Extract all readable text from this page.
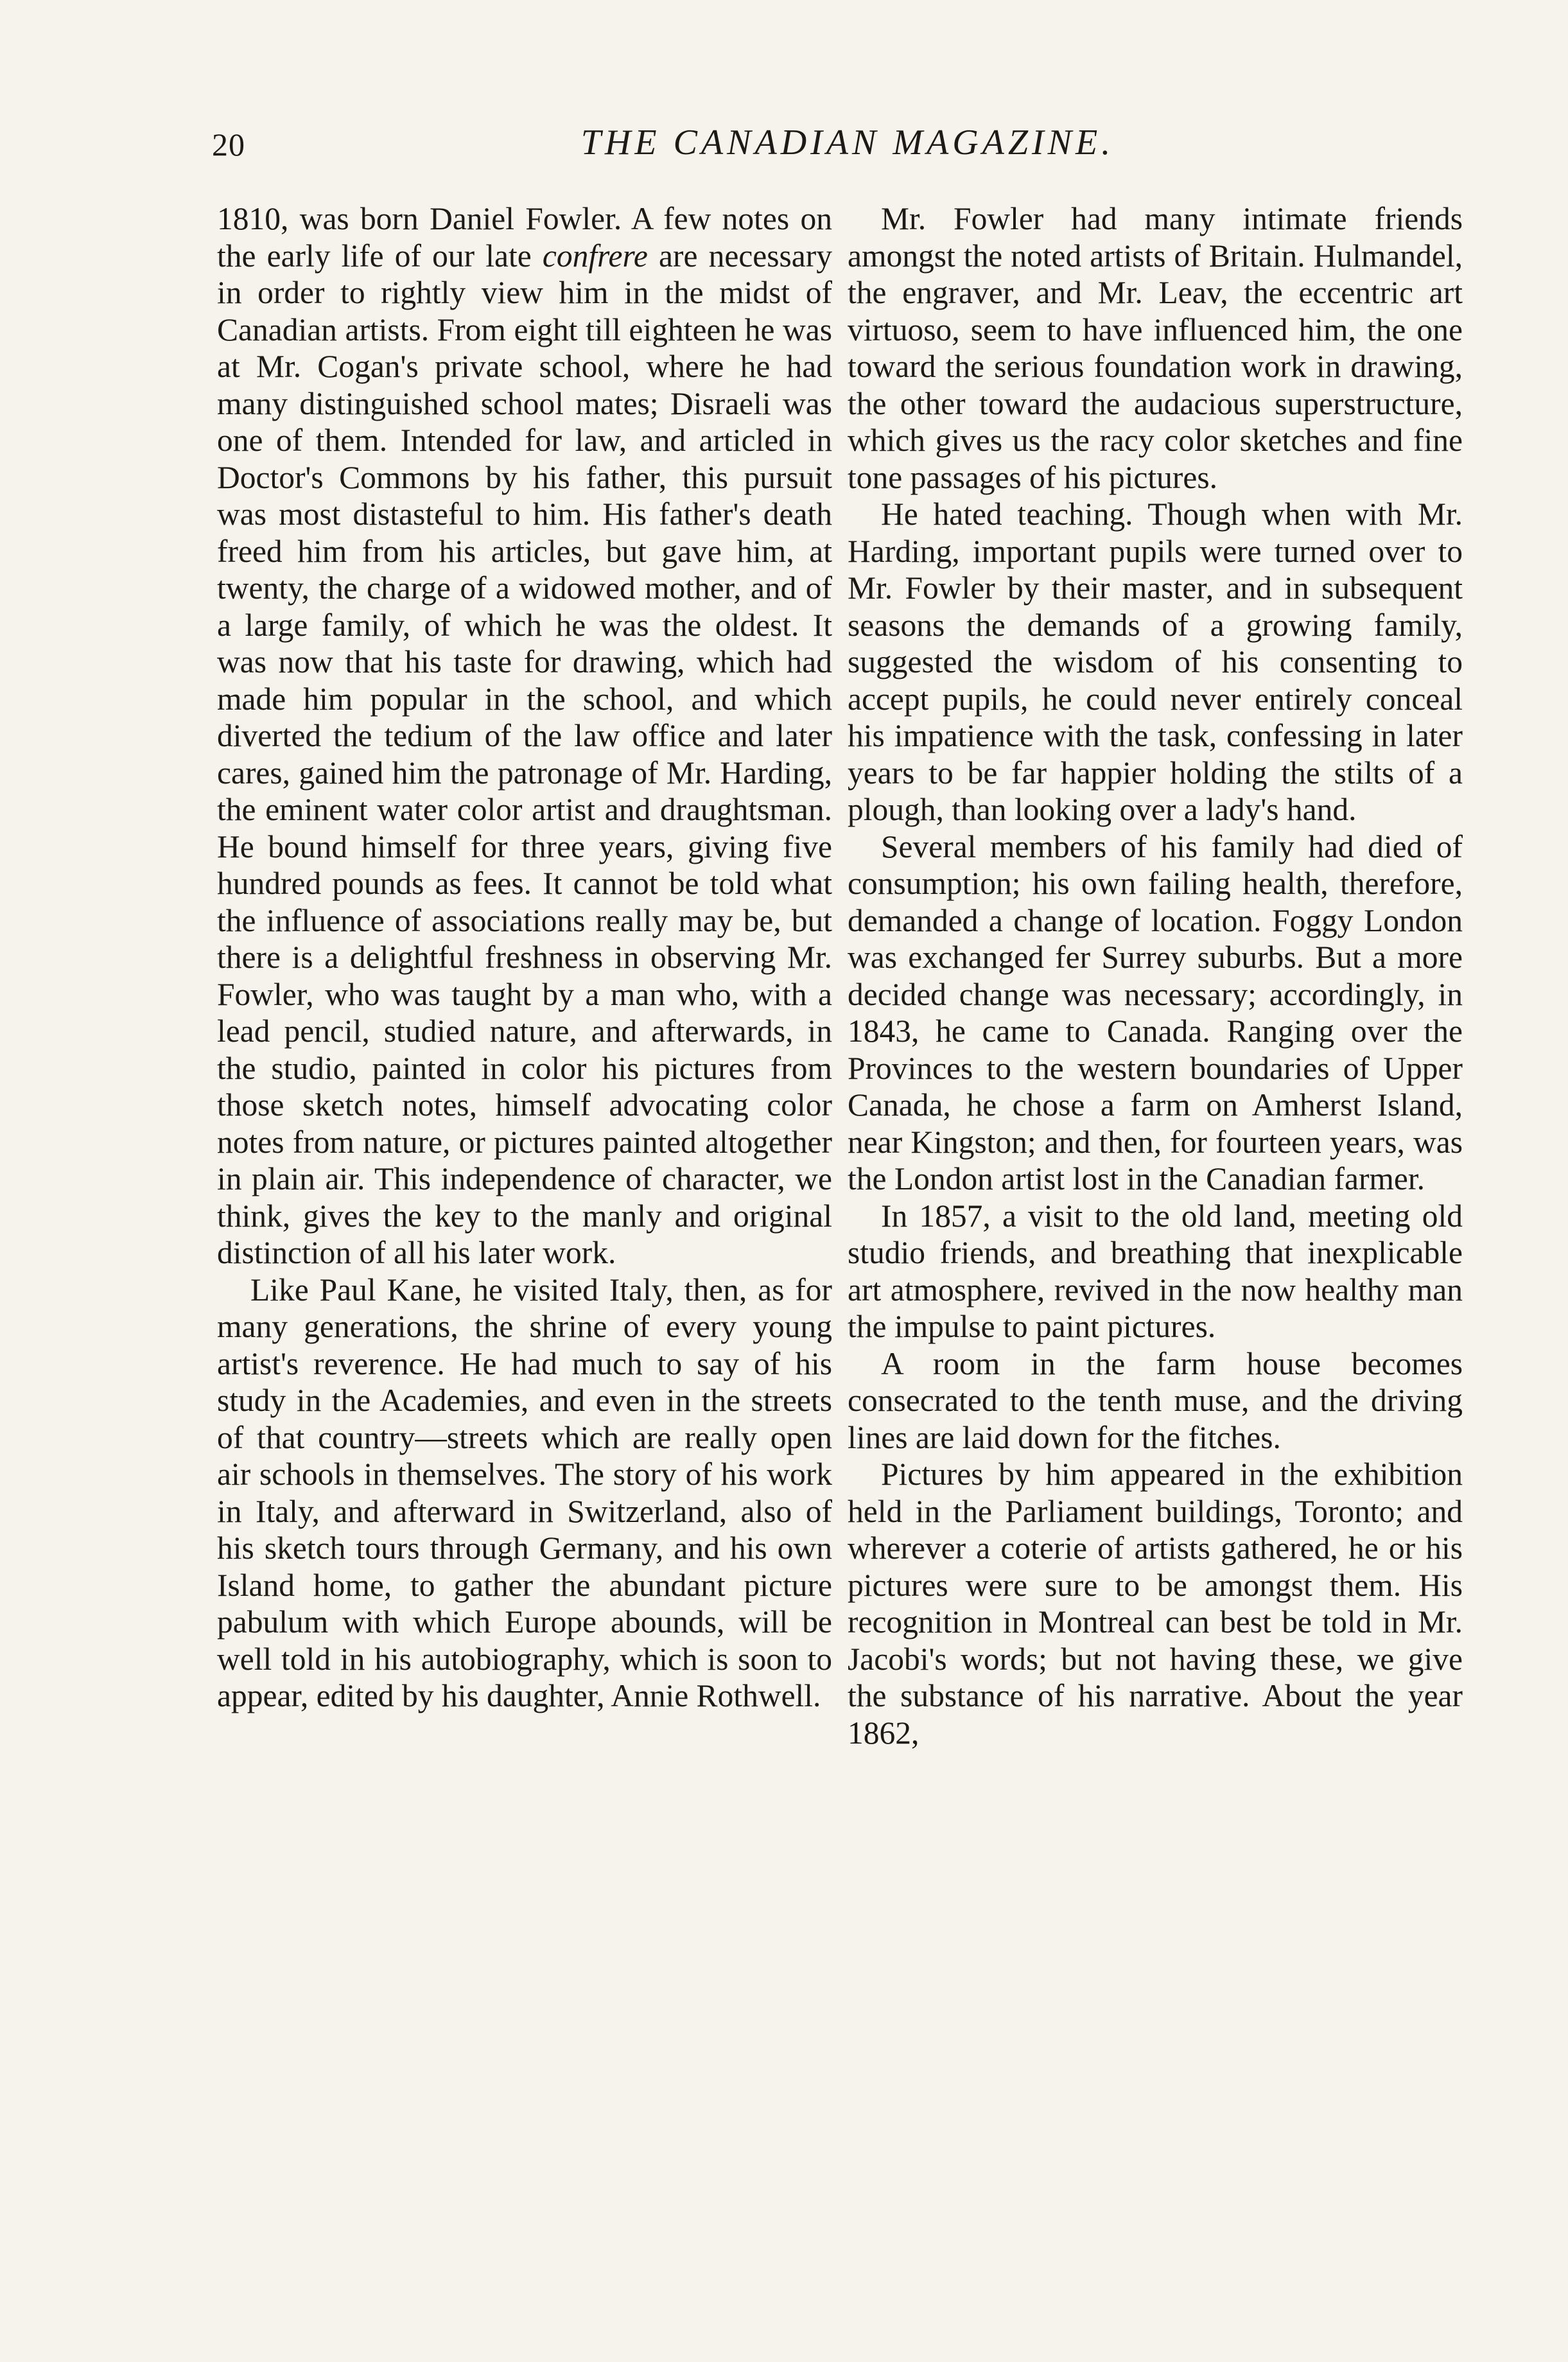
20	THE CANADIAN MAGAZINE.

1810, was born Daniel Fowler. A few notes on the early life of our late confrere are necessary in order to rightly view him in the midst of Canadian artists. From eight till eighteen he was at Mr. Cogan's private school, where he had many distinguished school mates; Disraeli was one of them. Intended for law, and articled in Doctor's Commons by his father, this pursuit was most distasteful to him. His father's death freed him from his articles, but gave him, at twenty, the charge of a widowed mother, and of a large family, of which he was the oldest. It was now that his taste for drawing, which had made him popular in the school, and which diverted the tedium of the law office and later cares, gained him the patronage of Mr. Harding, the eminent water color artist and draughtsman. He bound himself for three years, giving five hundred pounds as fees. It cannot be told what the influence of associations really may be, but there is a delightful freshness in observing Mr. Fowler, who was taught by a man who, with a lead pencil, studied nature, and afterwards, in the studio, painted in color his pictures from those sketch notes, himself advocating color notes from nature, or pictures painted altogether in plain air. This independence of character, we think, gives the key to the manly and original distinction of all his later work.

Like Paul Kane, he visited Italy, then, as for many generations, the shrine of every young artist's reverence. He had much to say of his study in the Academies, and even in the streets of that country—streets which are really open air schools in themselves. The story of his work in Italy, and afterward in Switzerland, also of his sketch tours through Germany, and his own Island home, to gather the abundant picture pabulum with which Europe abounds, will be well told in his autobiography, which is soon to appear, edited by his daughter, Annie Rothwell.

Mr. Fowler had many intimate friends amongst the noted artists of Britain. Hulmandel, the engraver, and Mr. Leav, the eccentric art virtuoso, seem to have influenced him, the one toward the serious foundation work in drawing, the other toward the audacious superstructure, which gives us the racy color sketches and fine tone passages of his pictures.

He hated teaching. Though when with Mr. Harding, important pupils were turned over to Mr. Fowler by their master, and in subsequent seasons the demands of a growing family, suggested the wisdom of his consenting to accept pupils, he could never entirely conceal his impatience with the task, confessing in later years to be far happier holding the stilts of a plough, than looking over a lady's hand.

Several members of his family had died of consumption; his own failing health, therefore, demanded a change of location. Foggy London was exchanged fer Surrey suburbs. But a more decided change was necessary; accordingly, in 1843, he came to Canada. Ranging over the Provinces to the western boundaries of Upper Canada, he chose a farm on Amherst Island, near Kingston; and then, for fourteen years, was the London artist lost in the Canadian farmer.

In 1857, a visit to the old land, meeting old studio friends, and breathing that inexplicable art atmosphere, revived in the now healthy man the impulse to paint pictures.

A room in the farm house becomes consecrated to the tenth muse, and the driving lines are laid down for the fitches.

Pictures by him appeared in the exhibition held in the Parliament buildings, Toronto; and wherever a coterie of artists gathered, he or his pictures were sure to be amongst them. His recognition in Montreal can best be told in Mr. Jacobi's words; but not having these, we give the substance of his narrative. About the year 1862,
